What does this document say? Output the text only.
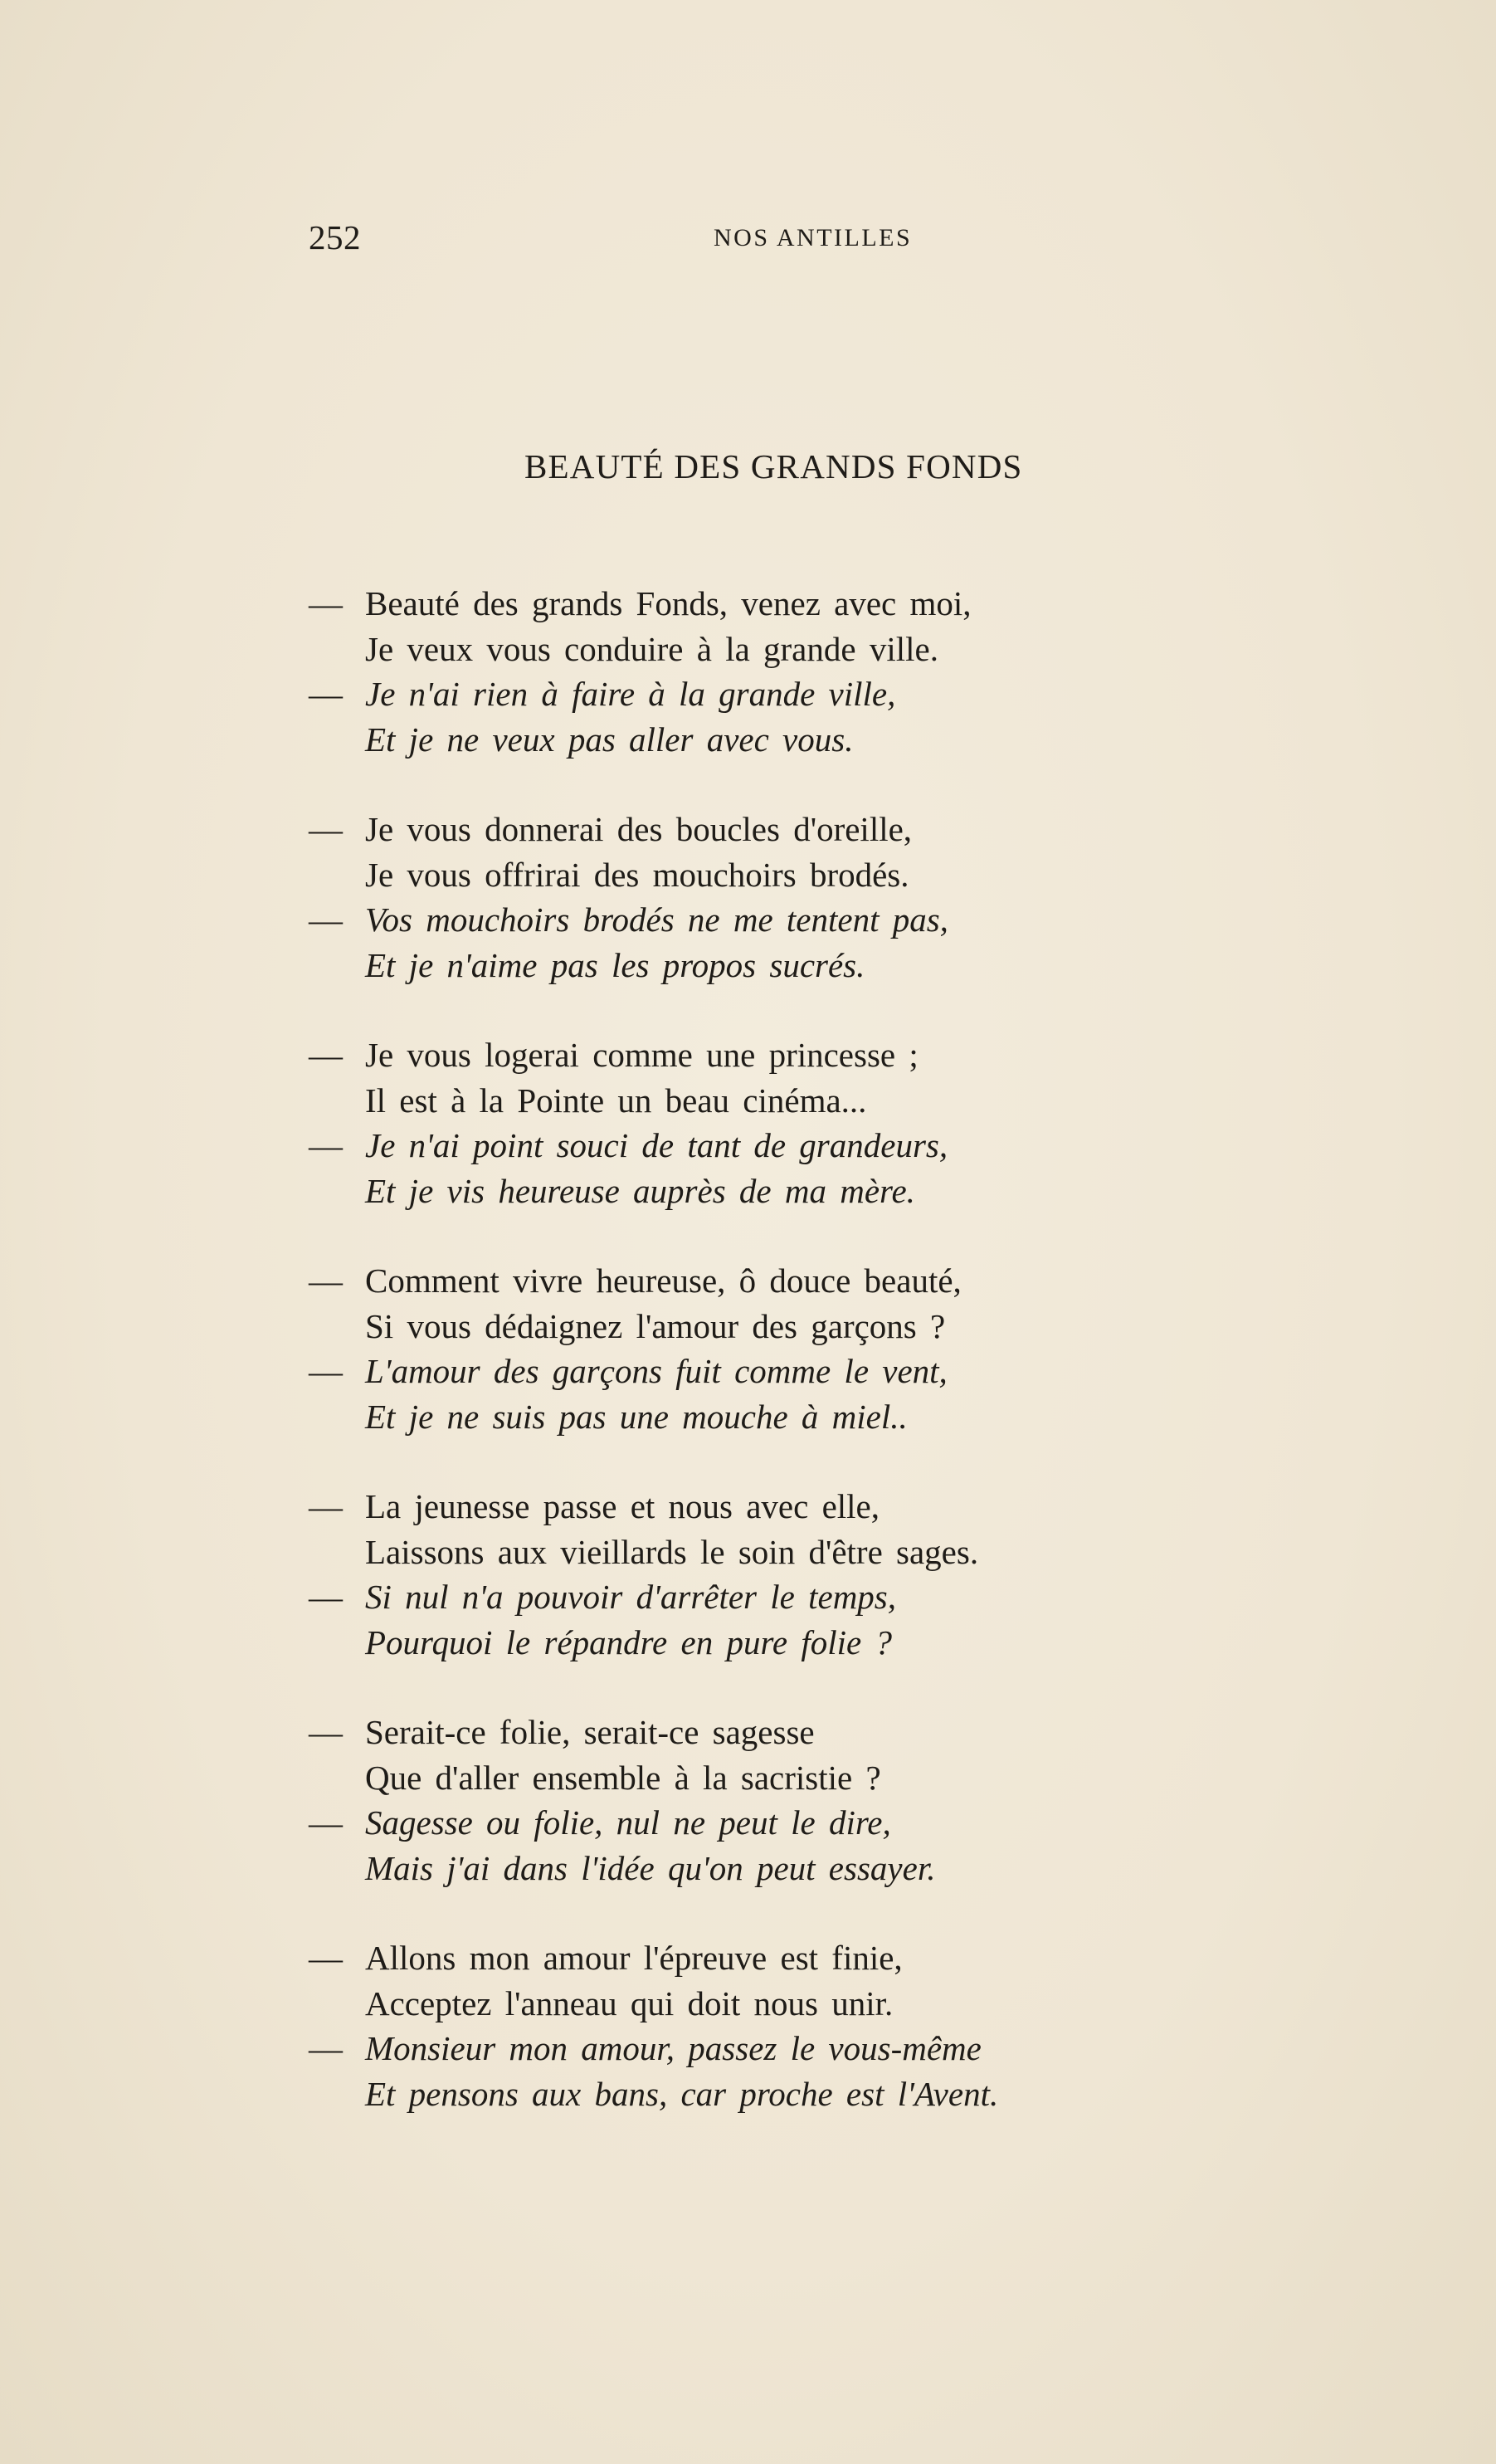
252	NOS ANTILLES
BEAUTÉ DES GRANDS FONDS
— Beauté des grands Fonds, venez avec moi,
Je veux vous conduire à la grande ville.
— Je n'ai rien à faire à la grande ville,
Et je ne veux pas aller avec vous.
— Je vous donnerai des boucles d'oreille,
Je vous offrirai des mouchoirs brodés.
— Vos mouchoirs brodés ne me tentent pas,
Et je n'aime pas les propos sucrés.
— Je vous logerai comme une princesse ;
Il est à la Pointe un beau cinéma...
— Je n'ai point souci de tant de grandeurs,
Et je vis heureuse auprès de ma mère.
— Comment vivre heureuse, ô douce beauté,
Si vous dédaignez l'amour des garçons ?
— L'amour des garçons fuit comme le vent,
Et je ne suis pas une mouche à miel..
— La jeunesse passe et nous avec elle,
Laissons aux vieillards le soin d'être sages.
— Si nul n'a pouvoir d'arrêter le temps,
Pourquoi le répandre en pure folie ?
— Serait-ce folie, serait-ce sagesse
Que d'aller ensemble à la sacristie ?
— Sagesse ou folie, nul ne peut le dire,
Mais j'ai dans l'idée qu'on peut essayer.
— Allons mon amour l'épreuve est finie,
Acceptez l'anneau qui doit nous unir.
— Monsieur mon amour, passez le vous-même
Et pensons aux bans, car proche est l'Avent.
